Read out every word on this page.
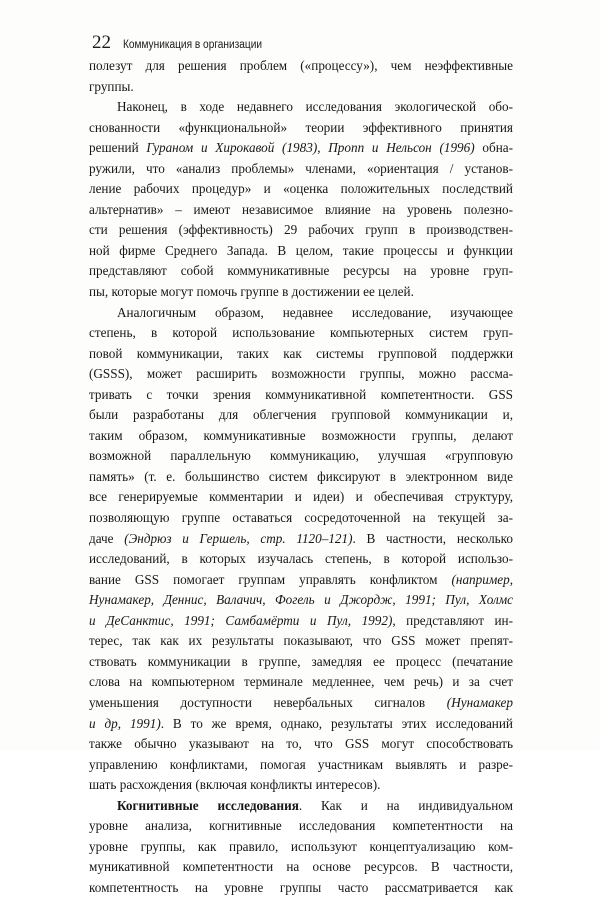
22 Коммуникация в организации
полезут для решения проблем («процессу»), чем неэффективные
группы.
Наконец, в ходе недавнего исследования экологической обо-
снованности «функциональной» теории эффективного принятия
решений Гураном и Хирокавой (1983), Пропп и Нельсон (1996) обна-
ружили, что «анализ проблемы» членами, «ориентация / установ-
ление рабочих процедур» и «оценка положительных последствий
альтернатив» – имеют независимое влияние на уровень полезно-
сти решения (эффективность) 29 рабочих групп в производствен-
ной фирме Среднего Запада. В целом, такие процессы и функции
представляют собой коммуникативные ресурсы на уровне груп-
пы, которые могут помочь группе в достижении ее целей.
Аналогичным образом, недавнее исследование, изучающее
степень, в которой использование компьютерных систем груп-
повой коммуникации, таких как системы групповой поддержки
(GSSS), может расширить возможности группы, можно рассма-
тривать с точки зрения коммуникативной компетентности. GSS
были разработаны для облегчения групповой коммуникации и,
таким образом, коммуникативные возможности группы, делают
возможной параллельную коммуникацию, улучшая «групповую
память» (т. е. большинство систем фиксируют в электронном виде
все генерируемые комментарии и идеи) и обеспечивая структуру,
позволяющую группе оставаться сосредоточенной на текущей за-
даче (Эндрюз и Гершель, стр. 1120–121). В частности, несколько
исследований, в которых изучалась степень, в которой использо-
вание GSS помогает группам управлять конфликтом (например,
Нунамакер, Деннис, Валачич, Фогель и Джордж, 1991; Пул, Холмс
и ДеСанктис, 1991; Самбамёрти и Пул, 1992), представляют ин-
терес, так как их результаты показывают, что GSS может препят-
ствовать коммуникации в группе, замедляя ее процесс (печатание
слова на компьютерном терминале медленнее, чем речь) и за счет
уменьшения доступности невербальных сигналов (Нунамакер
и др, 1991). В то же время, однако, результаты этих исследований
также обычно указывают на то, что GSS могут способствовать
управлению конфликтами, помогая участникам выявлять и разре-
шать расхождения (включая конфликты интересов).
Когнитивные исследования. Как и на индивидуальном
уровне анализа, когнитивные исследования компетентности на
уровне группы, как правило, используют концептуализацию ком-
муникативной компетентности на основе ресурсов. В частности,
компетентность на уровне группы часто рассматривается как
